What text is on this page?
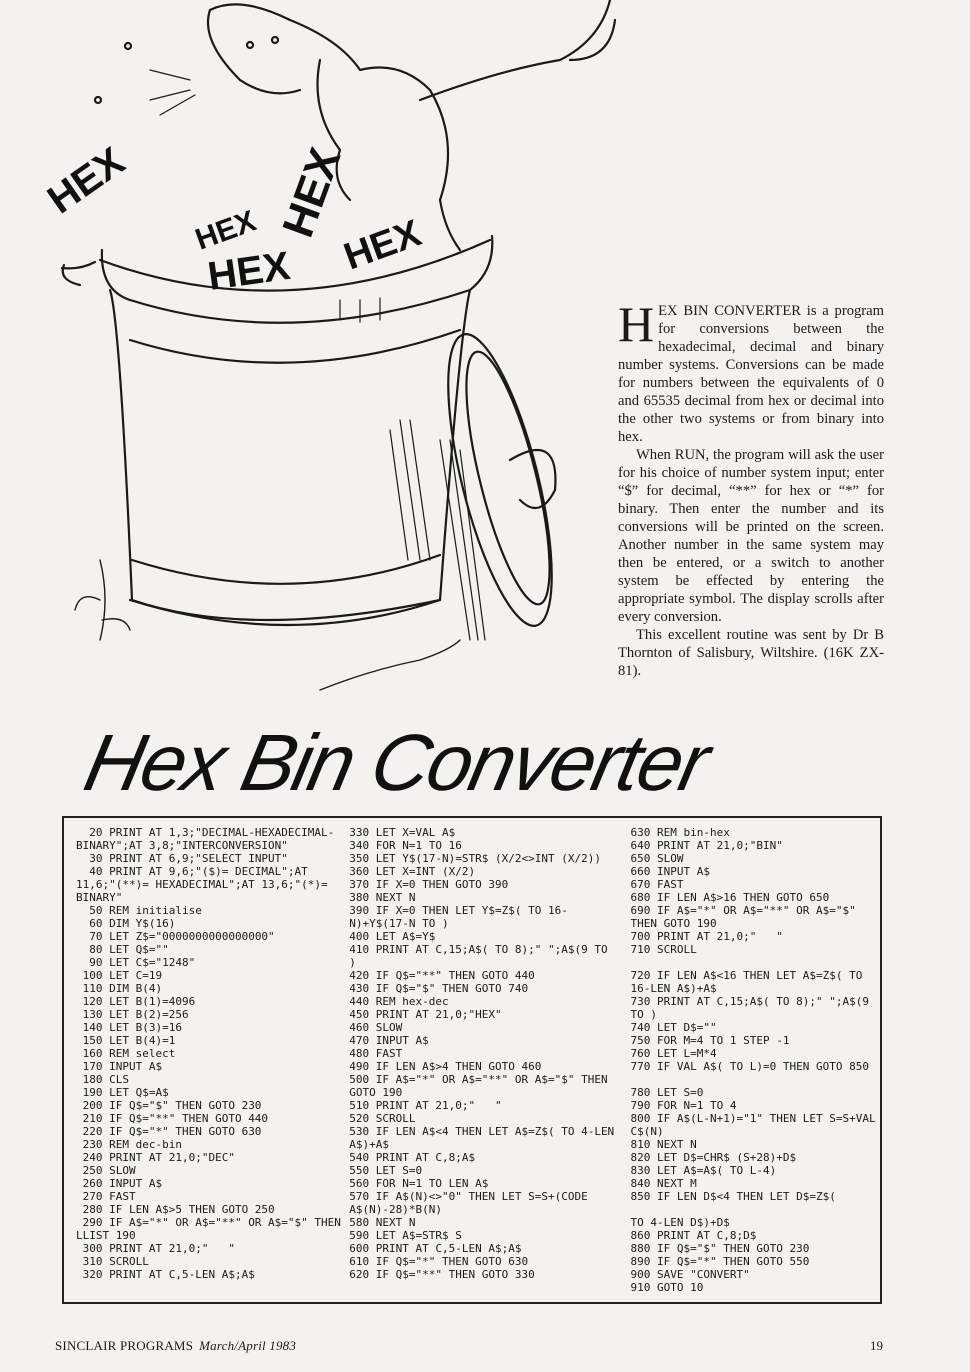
HEX
HEX
HEX
HEX
HEX

HEX BIN CONVERTER is a program for conversions between the hexadecimal, decimal and binary number systems. Conversions can be made for numbers between the equivalents of 0 and 65535 decimal from hex or decimal into the other two systems or from binary into hex.

When RUN, the program will ask the user for his choice of number system input; enter “$” for decimal, “**” for hex or “*” for binary. Then enter the number and its conversions will be printed on the screen. Another number in the same system may then be entered, or a switch to another system be effected by entering the appropriate symbol. The display scrolls after every conversion.

This excellent routine was sent by Dr B Thornton of Salisbury, Wiltshire. (16K ZX-81).

Hex Bin Converter
20 PRINT AT 1,3;"DECIMAL-HEXADECIMAL-BINARY";AT 3,8;"INTERCONVERSION"
30 PRINT AT 6,9;"SELECT INPUT"
40 PRINT AT 9,6;"($)= DECIMAL";AT 11,6;"(**)= HEXADECIMAL";AT 13,6;"(*)= BINARY"
50 REM initialise
60 DIM Y$(16)
70 LET Z$="0000000000000000"
80 LET Q$=""
90 LET C$="1248"
100 LET C=19
110 DIM B(4)
120 LET B(1)=4096
130 LET B(2)=256
140 LET B(3)=16
150 LET B(4)=1
160 REM select
170 INPUT A$
180 CLS
190 LET Q$=A$
200 IF Q$="$" THEN GOTO 230
210 IF Q$="**" THEN GOTO 440
220 IF Q$="*" THEN GOTO 630
230 REM dec-bin
240 PRINT AT 21,0;"DEC"
250 SLOW
260 INPUT A$
270 FAST
280 IF LEN A$>5 THEN GOTO 250
290 IF A$="*" OR A$="**" OR A$="$" THEN LLIST 190
300 PRINT AT 21,0;"   "
310 SCROLL
320 PRINT AT C,5-LEN A$;A$
330 LET X=VAL A$
340 FOR N=1 TO 16
350 LET Y$(17-N)=STR$ (X/2<>INT (X/2))
360 LET X=INT (X/2)
370 IF X=0 THEN GOTO 390
380 NEXT N
390 IF X=0 THEN LET Y$=Z$( TO 16-N)+Y$(17-N TO )
400 LET A$=Y$
410 PRINT AT C,15;A$( TO 8);" ";A$(9 TO )
420 IF Q$="**" THEN GOTO 440
430 IF Q$="$" THEN GOTO 740
440 REM hex-dec
450 PRINT AT 21,0;"HEX"
460 SLOW
470 INPUT A$
480 FAST
490 IF LEN A$>4 THEN GOTO 460
500 IF A$="*" OR A$="**" OR A$="$" THEN GOTO 190
510 PRINT AT 21,0;"   "
520 SCROLL
530 IF LEN A$<4 THEN LET A$=Z$( TO 4-LEN A$)+A$
540 PRINT AT C,8;A$
550 LET S=0
560 FOR N=1 TO LEN A$
570 IF A$(N)<>"0" THEN LET S=S+(CODE A$(N)-28)*B(N)
580 NEXT N
590 LET A$=STR$ S
600 PRINT AT C,5-LEN A$;A$
610 IF Q$="*" THEN GOTO 630
620 IF Q$="**" THEN GOTO 330
630 REM bin-hex
640 PRINT AT 21,0;"BIN"
650 SLOW
660 INPUT A$
670 FAST
680 IF LEN A$>16 THEN GOTO 650
690 IF A$="*" OR A$="**" OR A$="$" THEN GOTO 190
700 PRINT AT 21,0;"   "
710 SCROLL
720 IF LEN A$<16 THEN LET A$=Z$( TO 16-LEN A$)+A$
730 PRINT AT C,15;A$( TO 8);" ";A$(9 TO )
740 LET D$=""
750 FOR M=4 TO 1 STEP -1
760 LET L=M*4
770 IF VAL A$( TO L)=0 THEN GOTO 850
780 LET S=0
790 FOR N=1 TO 4
800 IF A$(L-N+1)="1" THEN LET S=S+VAL C$(N)
810 NEXT N
820 LET D$=CHR$ (S+28)+D$
830 LET A$=A$( TO L-4)
840 NEXT M
850 IF LEN D$<4 THEN LET D$=Z$(
TO 4-LEN D$)+D$
860 PRINT AT C,8;D$
880 IF Q$="$" THEN GOTO 230
890 IF Q$="*" THEN GOTO 550
900 SAVE "CONVERT"
910 GOTO 10
SINCLAIR PROGRAMS March/April 1983	19
